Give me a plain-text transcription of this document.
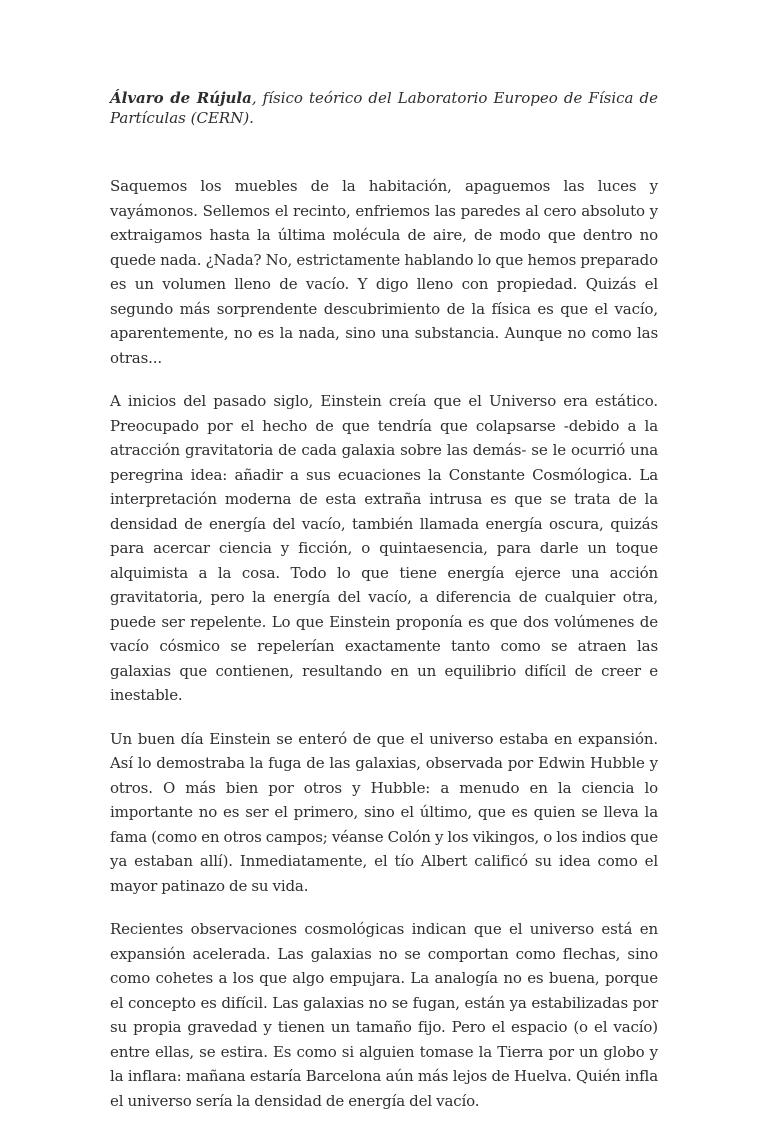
Álvaro de Rújula, físico teórico del Laboratorio Europeo de Física de Partículas (CERN).

Saquemos los muebles de la habitación, apaguemos las luces y vayámonos. Sellemos el recinto, enfriemos las paredes al cero absoluto y extraigamos hasta la última molécula de aire, de modo que dentro no quede nada. ¿Nada? No, estrictamente hablando lo que hemos preparado es un volumen lleno de vacío. Y digo lleno con propiedad. Quizás el segundo más sorprendente descubrimiento de la física es que el vacío, aparentemente, no es la nada, sino una substancia. Aunque no como las otras...

A inicios del pasado siglo, Einstein creía que el Universo era estático. Preocupado por el hecho de que tendría que colapsarse -debido a la atracción gravitatoria de cada galaxia sobre las demás- se le ocurrió una peregrina idea: añadir a sus ecuaciones la Constante Cosmólogica. La interpretación moderna de esta extraña intrusa es que se trata de la densidad de energía del vacío, también llamada energía oscura, quizás para acercar ciencia y ficción, o quintaesencia, para darle un toque alquimista a la cosa. Todo lo que tiene energía ejerce una acción gravitatoria, pero la energía del vacío, a diferencia de cualquier otra, puede ser repelente. Lo que Einstein proponía es que dos volúmenes de vacío cósmico se repelerían exactamente tanto como se atraen las galaxias que contienen, resultando en un equilibrio difícil de creer e inestable.

Un buen día Einstein se enteró de que el universo estaba en expansión. Así lo demostraba la fuga de las galaxias, observada por Edwin Hubble y otros. O más bien por otros y Hubble: a menudo en la ciencia lo importante no es ser el primero, sino el último, que es quien se lleva la fama (como en otros campos; véanse Colón y los vikingos, o los indios que ya estaban allí). Inmediatamente, el tío Albert calificó su idea como el mayor patinazo de su vida.

Recientes observaciones cosmológicas indican que el universo está en expansión acelerada. Las galaxias no se comportan como flechas, sino como cohetes a los que algo empujara. La analogía no es buena, porque el concepto es difícil. Las galaxias no se fugan, están ya estabilizadas por su propia gravedad y tienen un tamaño fijo. Pero el espacio (o el vacío) entre ellas, se estira. Es como si alguien tomase la Tierra por un globo y la inflara: mañana estaría Barcelona aún más lejos de Huelva. Quién infla el universo sería la densidad de energía del vacío.
